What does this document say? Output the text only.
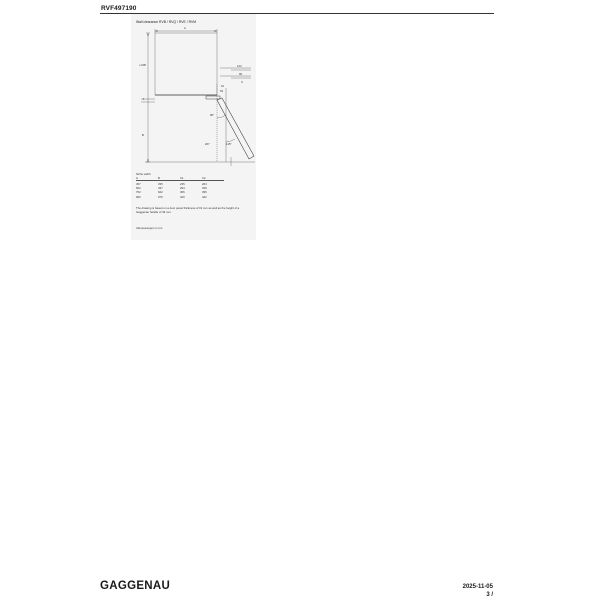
RVF497190
Wall clearance RVB / RVQ / RVE / RVM
≥ 605
A
B
122
90
C
10
53
1
90°
115°
207
Niche width
A	B	C1	C2
457	335	235	264
602	437	294	339
762	622	366	395
900	970	420	442
The drawing is based on a door panel thickness of 19 mm as well as the height of a Gaggenau handle of 49 mm.
Abmessungen in mm
GAGGENAU	2025-11-05
3 /
